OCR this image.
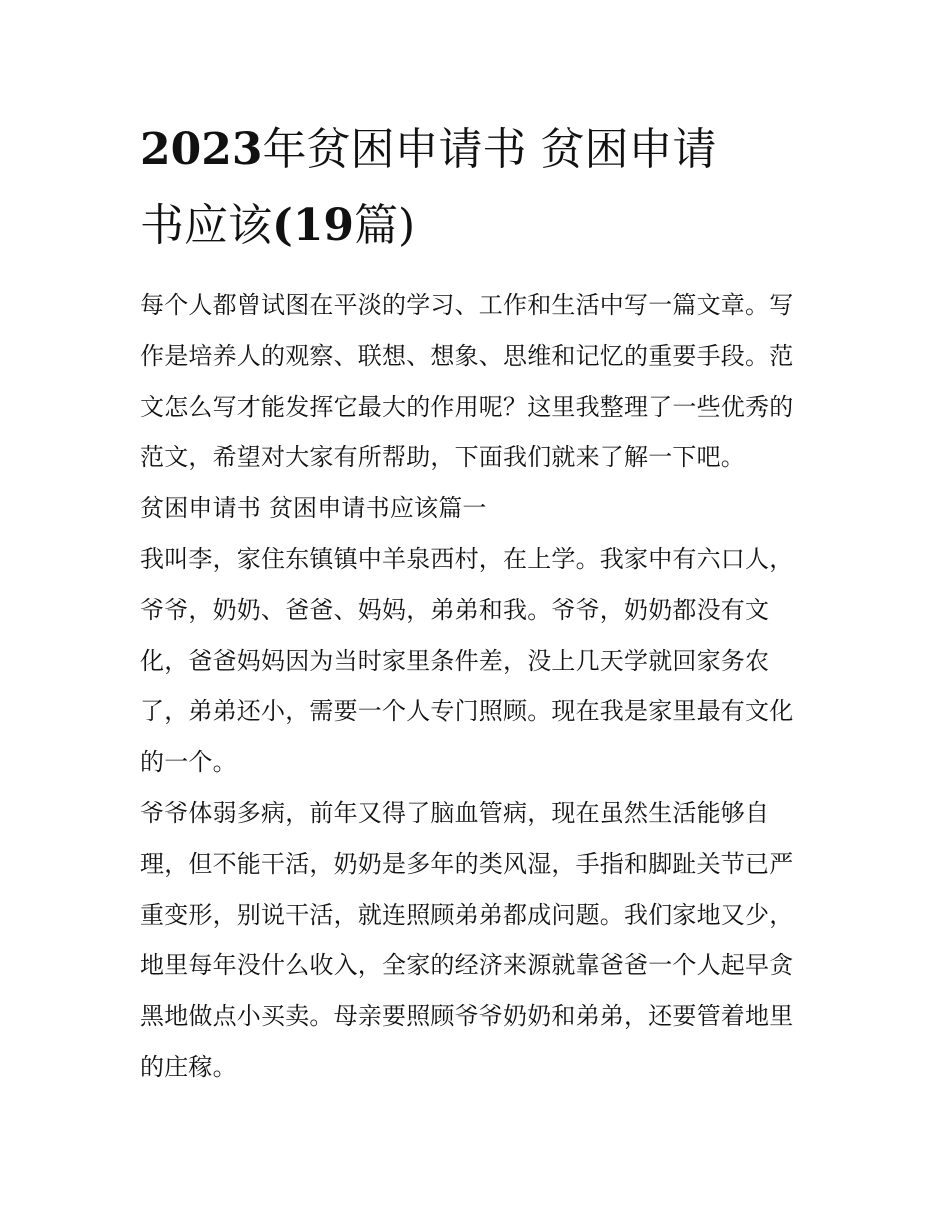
2023年贫困申请书 贫困申请
书应该(19篇)

每个人都曾试图在平淡的学习、工作和生活中写一篇文章。写作是培养人的观察、联想、想象、思维和记忆的重要手段。范文怎么写才能发挥它最大的作用呢？这里我整理了一些优秀的范文，希望对大家有所帮助，下面我们就来了解一下吧。

贫困申请书 贫困申请书应该篇一

我叫李，家住东镇镇中羊泉西村，在上学。我家中有六口人，爷爷，奶奶、爸爸、妈妈，弟弟和我。爷爷，奶奶都没有文化，爸爸妈妈因为当时家里条件差，没上几天学就回家务农了，弟弟还小，需要一个人专门照顾。现在我是家里最有文化的一个。

爷爷体弱多病，前年又得了脑血管病，现在虽然生活能够自理，但不能干活，奶奶是多年的类风湿，手指和脚趾关节已严重变形，别说干活，就连照顾弟弟都成问题。我们家地又少，地里每年没什么收入，全家的经济来源就靠爸爸一个人起早贪黑地做点小买卖。母亲要照顾爷爷奶奶和弟弟，还要管着地里的庄稼。
